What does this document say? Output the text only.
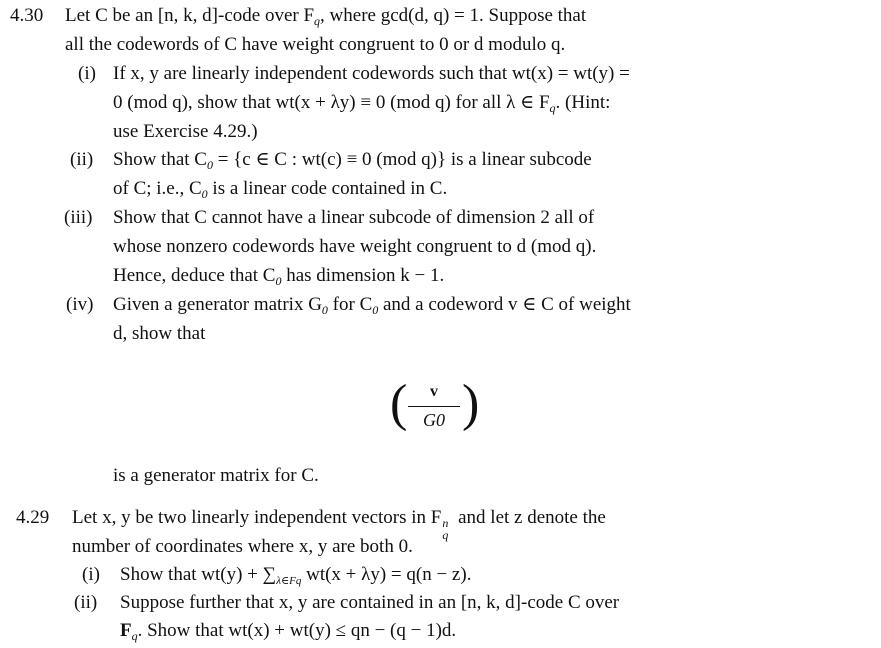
4.30 Let C be an [n, k, d]-code over $F_q$, where gcd(d, q) = 1. Suppose that
all the codewords of C have weight congruent to 0 or d modulo q.
(i) If x, y are linearly independent codewords such that wt(x) = wt(y) =
0 (mod q), show that wt(x + λy) ≡ 0 (mod q) for all λ ∈ $F_q$. (Hint:
use Exercise 4.29.)
(ii) Show that $C_0 = \{c$ ∈ C : wt(c) ≡ 0 (mod q)} is a linear subcode
of C; i.e., $C_0$ is a linear code contained in C.
(iii) Show that C cannot have a linear subcode of dimension 2 all of
whose nonzero codewords have weight congruent to d (mod q).
Hence, deduce that $C_0$ has dimension k − 1.
(iv) Given a generator matrix $G_0$ for $C_0$ and a codeword v ∈ C of weight
d, show that
(	v
G0 )
is a generator matrix for C.
4.29 Let x, y be two linearly independent vectors in F n
q
and let z denote the
number of coordinates where x, y are both 0.
(i) Show that $wt(y) + \sum_{\lambda\in Fq}$ wt(x + λy) = q(n − z).
(ii) Suppose further that x, y are contained in an [n, k, d]-code C over
$F_q$. Show that wt(x) + wt(y) ≤ qn − (q − 1)d.
